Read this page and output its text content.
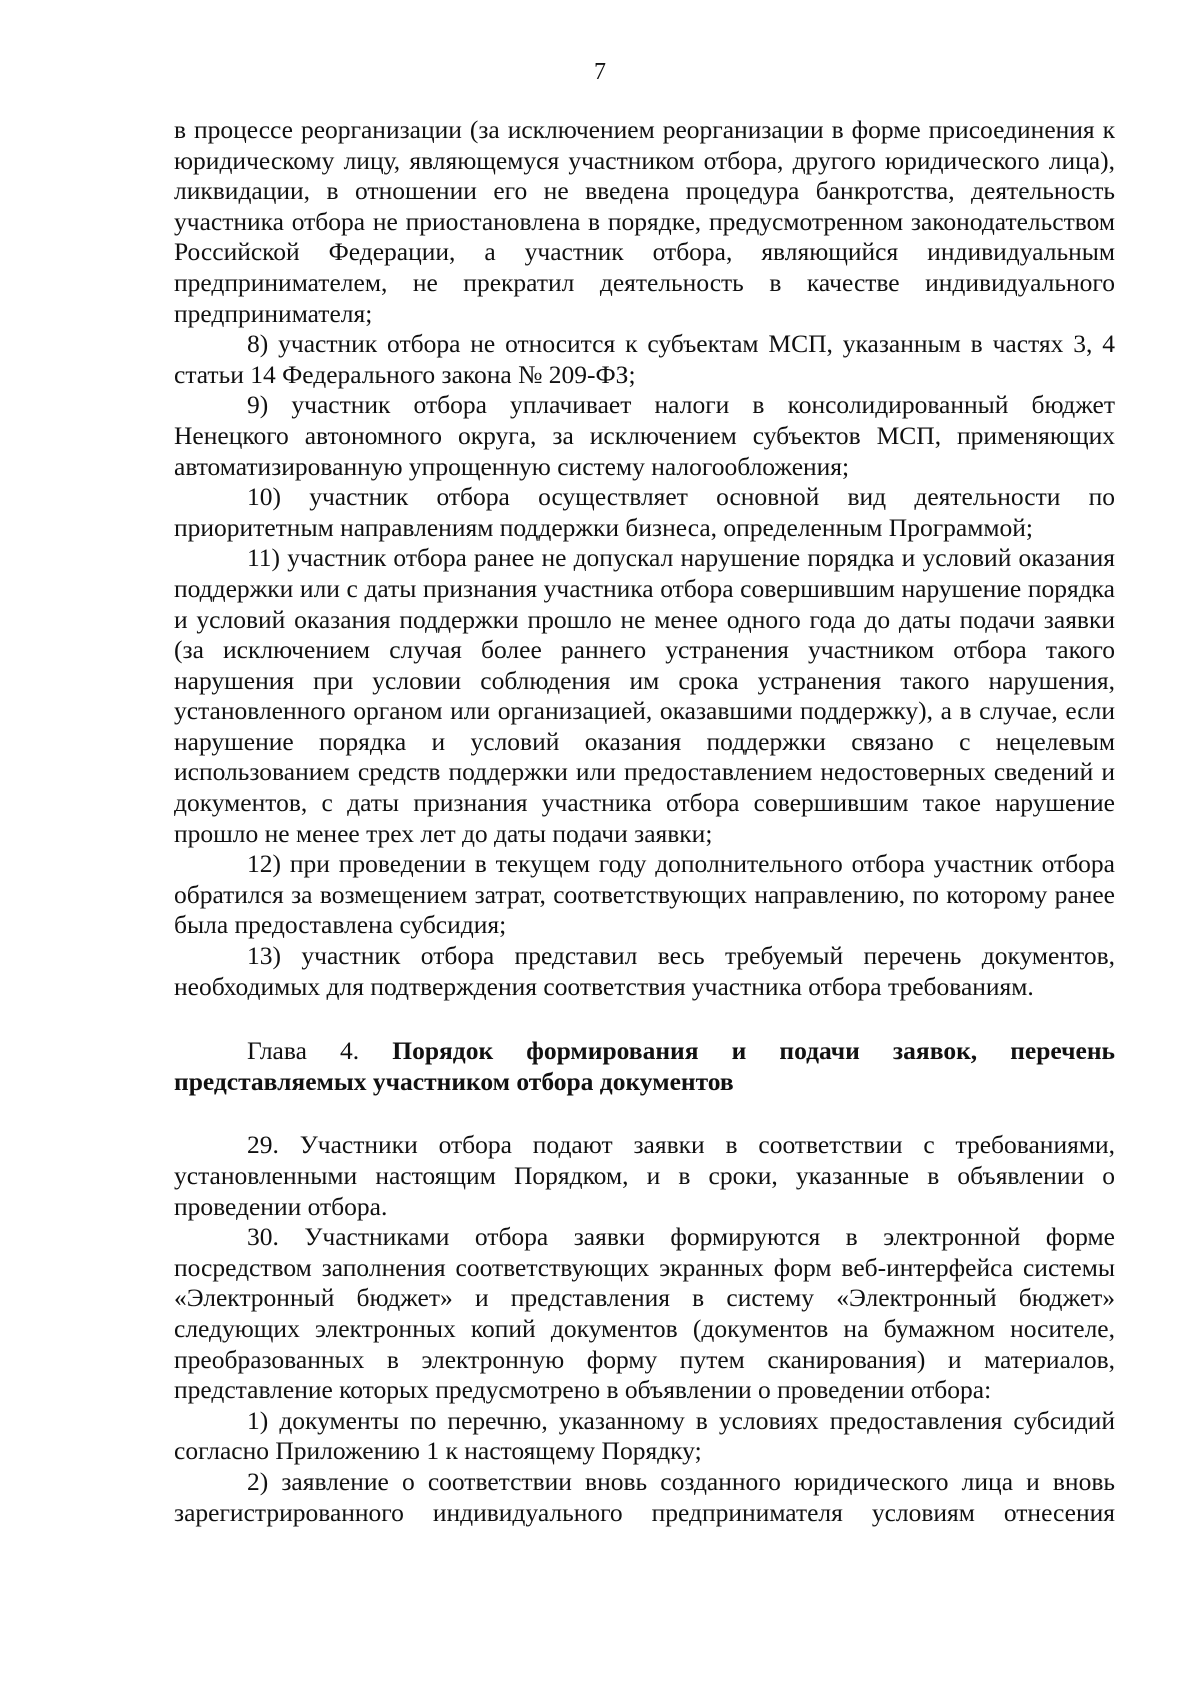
7

в процессе реорганизации (за исключением реорганизации в форме присоединения к юридическому лицу, являющемуся участником отбора, другого юридического лица), ликвидации, в отношении его не введена процедура банкротства, деятельность участника отбора не приостановлена в порядке, предусмотренном законодательством Российской Федерации, а участник отбора, являющийся индивидуальным предпринимателем, не прекратил деятельность в качестве индивидуального предпринимателя;

8) участник отбора не относится к субъектам МСП, указанным в частях 3, 4 статьи 14 Федерального закона № 209-ФЗ;

9) участник отбора уплачивает налоги в консолидированный бюджет Ненецкого автономного округа, за исключением субъектов МСП, применяющих автоматизированную упрощенную систему налогообложения;

10) участник отбора осуществляет основной вид деятельности по приоритетным направлениям поддержки бизнеса, определенным Программой;

11) участник отбора ранее не допускал нарушение порядка и условий оказания поддержки или с даты признания участника отбора совершившим нарушение порядка и условий оказания поддержки прошло не менее одного года до даты подачи заявки (за исключением случая более раннего устранения участником отбора такого нарушения при условии соблюдения им срока устранения такого нарушения, установленного органом или организацией, оказавшими поддержку), а в случае, если нарушение порядка и условий оказания поддержки связано с нецелевым использованием средств поддержки или предоставлением недостоверных сведений и документов, с даты признания участника отбора совершившим такое нарушение прошло не менее трех лет до даты подачи заявки;

12) при проведении в текущем году дополнительного отбора участник отбора обратился за возмещением затрат, соответствующих направлению, по которому ранее была предоставлена субсидия;

13) участник отбора представил весь требуемый перечень документов, необходимых для подтверждения соответствия участника отбора требованиям.

Глава 4. Порядок формирования и подачи заявок, перечень представляемых участником отбора документов

29. Участники отбора подают заявки в соответствии с требованиями, установленными настоящим Порядком, и в сроки, указанные в объявлении о проведении отбора.

30. Участниками отбора заявки формируются в электронной форме посредством заполнения соответствующих экранных форм веб-интерфейса системы «Электронный бюджет» и представления в систему «Электронный бюджет» следующих электронных копий документов (документов на бумажном носителе, преобразованных в электронную форму путем сканирования) и материалов, представление которых предусмотрено в объявлении о проведении отбора:

1) документы по перечню, указанному в условиях предоставления субсидий согласно Приложению 1 к настоящему Порядку;

2) заявление о соответствии вновь созданного юридического лица и вновь зарегистрированного индивидуального предпринимателя условиям отнесения
